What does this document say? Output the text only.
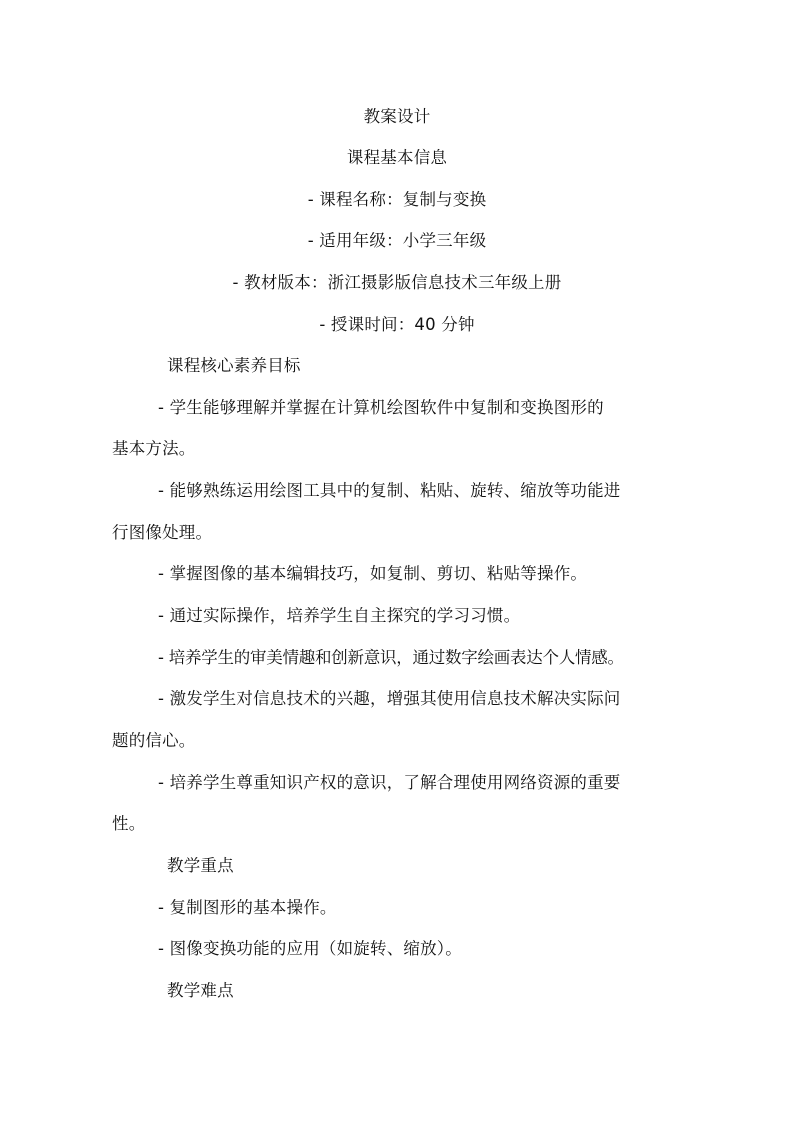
教案设计
课程基本信息
- 课程名称：复制与变换
- 适用年级：小学三年级
- 教材版本：浙江摄影版信息技术三年级上册
- 授课时间：40 分钟
课程核心素养目标
- 学生能够理解并掌握在计算机绘图软件中复制和变换图形的
基本方法。
- 能够熟练运用绘图工具中的复制、粘贴、旋转、缩放等功能进
行图像处理。
- 掌握图像的基本编辑技巧，如复制、剪切、粘贴等操作。
- 通过实际操作，培养学生自主探究的学习习惯。
- 培养学生的审美情趣和创新意识，通过数字绘画表达个人情感。
- 激发学生对信息技术的兴趣，增强其使用信息技术解决实际问
题的信心。
- 培养学生尊重知识产权的意识，了解合理使用网络资源的重要
性。
教学重点
- 复制图形的基本操作。
- 图像变换功能的应用（如旋转、缩放）。
教学难点
